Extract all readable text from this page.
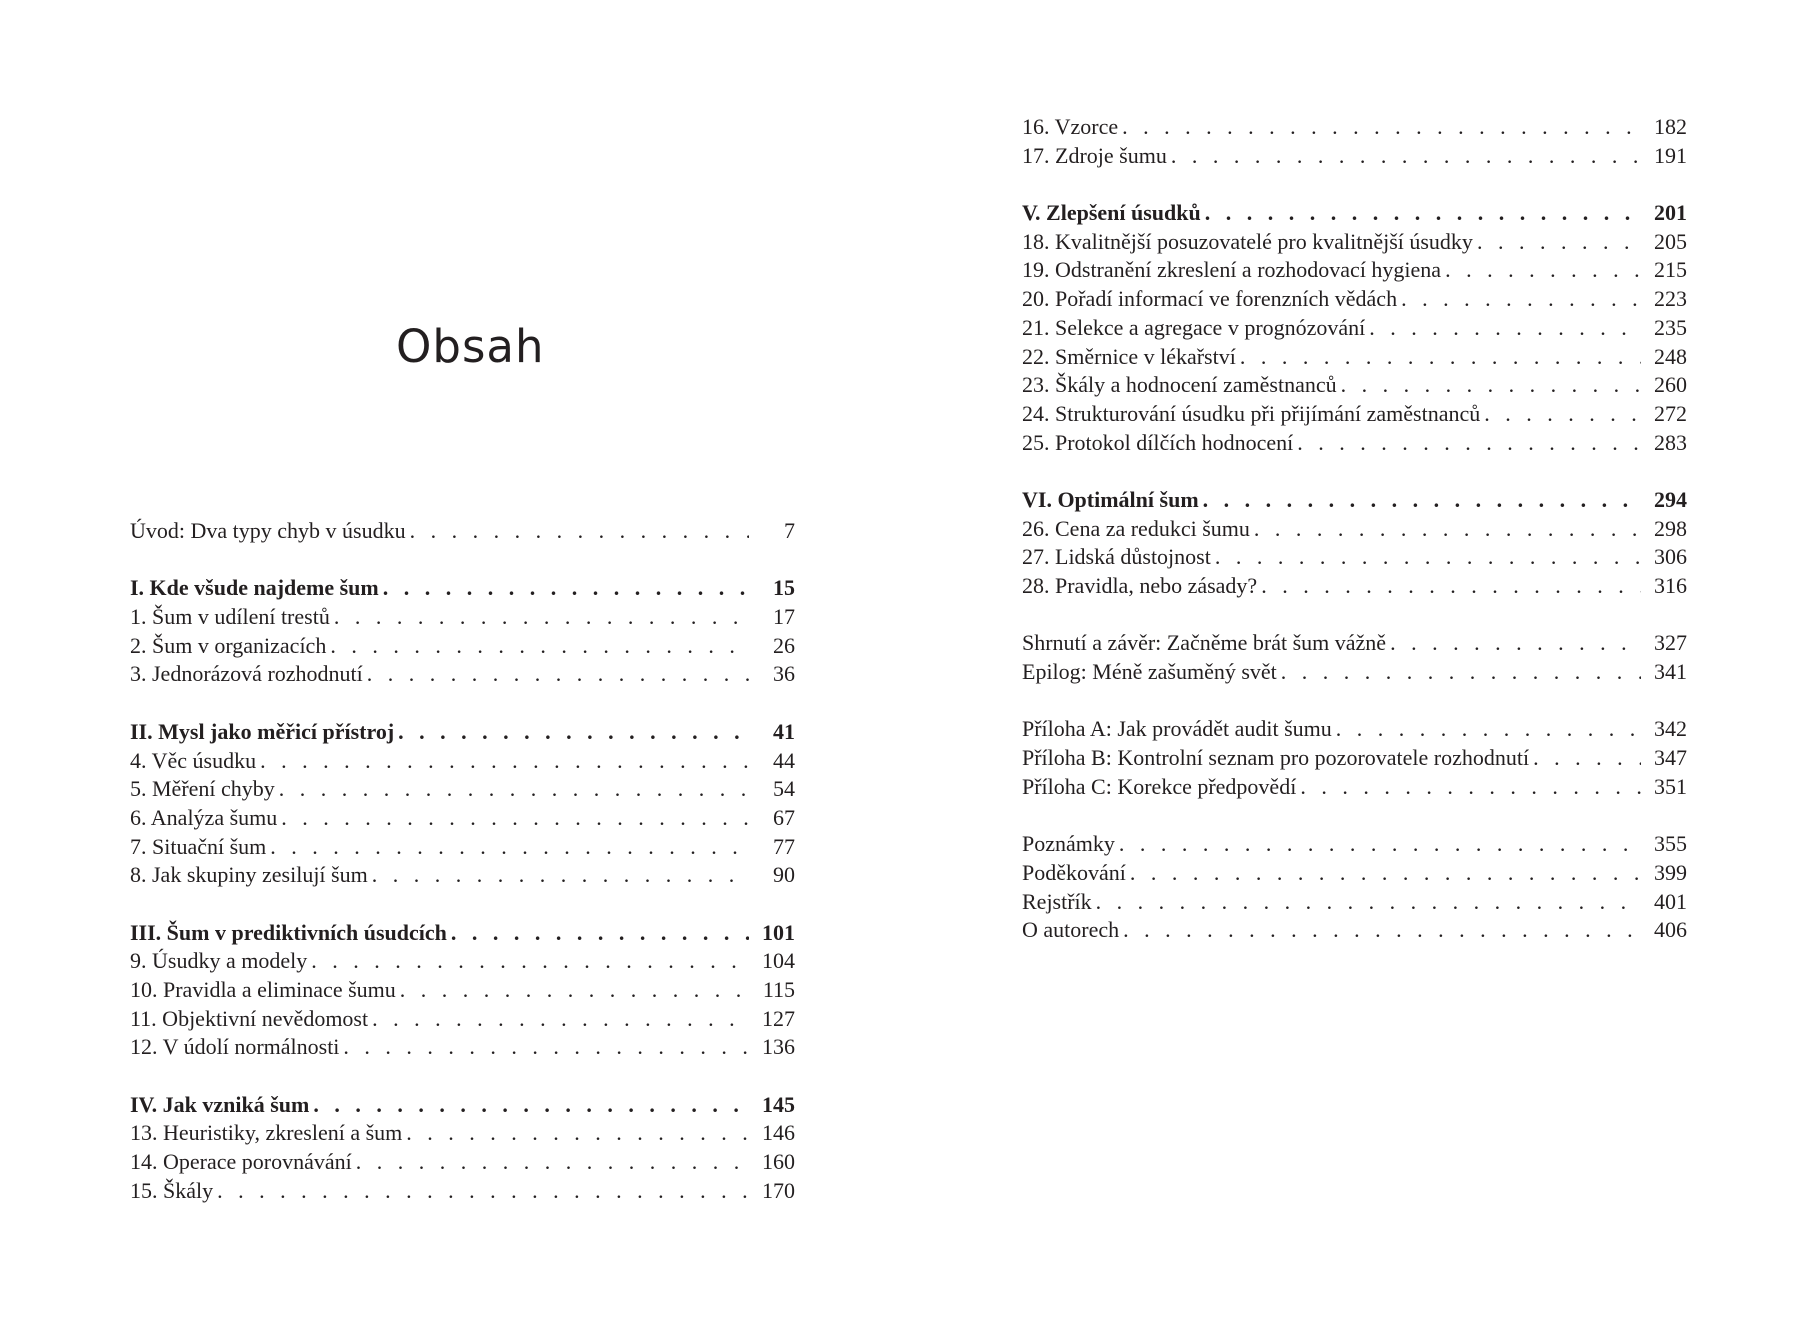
Obsah
Úvod: Dva typy chyb v úsudku . . .	7
I. Kde všude najdeme šum . . .	15
1. Šum v udílení trestů . . .	17
2. Šum v organizacích . . .	26
3. Jednorázová rozhodnutí . . .	36
II. Mysl jako měřicí přístroj . . .	41
4. Věc úsudku . . .	44
5. Měření chyby . . .	54
6. Analýza šumu . . .	67
7. Situační šum . . .	77
8. Jak skupiny zesilují šum . . .	90
III. Šum v prediktivních úsudcích . . .	101
9. Úsudky a modely . . .	104
10. Pravidla a eliminace šumu . . .	115
11. Objektivní nevědomost . . .	127
12. V údolí normálnosti . . .	136
IV. Jak vzniká šum . . .	145
13. Heuristiky, zkreslení a šum . . .	146
14. Operace porovnávání . . .	160
15. Škály . . .	170
16. Vzorce . . .	182
17. Zdroje šumu . . .	191
V. Zlepšení úsudků . . .	201
18. Kvalitnější posuzovatelé pro kvalitnější úsudky . . .	205
19. Odstranění zkreslení a rozhodovací hygiena . . .	215
20. Pořadí informací ve forenzních vědách . . .	223
21. Selekce a agregace v prognózování . . .	235
22. Směrnice v lékařství . . .	248
23. Škály a hodnocení zaměstnanců . . .	260
24. Strukturování úsudku při přijímání zaměstnanců . . .	272
25. Protokol dílčích hodnocení . . .	283
VI. Optimální šum . . .	294
26. Cena za redukci šumu . . .	298
27. Lidská důstojnost . . .	306
28. Pravidla, nebo zásady? . . .	316
Shrnutí a závěr: Začněme brát šum vážně . . .	327
Epilog: Méně zašuměný svět . . .	341
Příloha A: Jak provádět audit šumu . . .	342
Příloha B: Kontrolní seznam pro pozorovatele rozhodnutí . . .	347
Příloha C: Korekce předpovědí . . .	351
Poznámky . . .	355
Poděkování . . .	399
Rejstřík . . .	401
O autorech . . .	406
